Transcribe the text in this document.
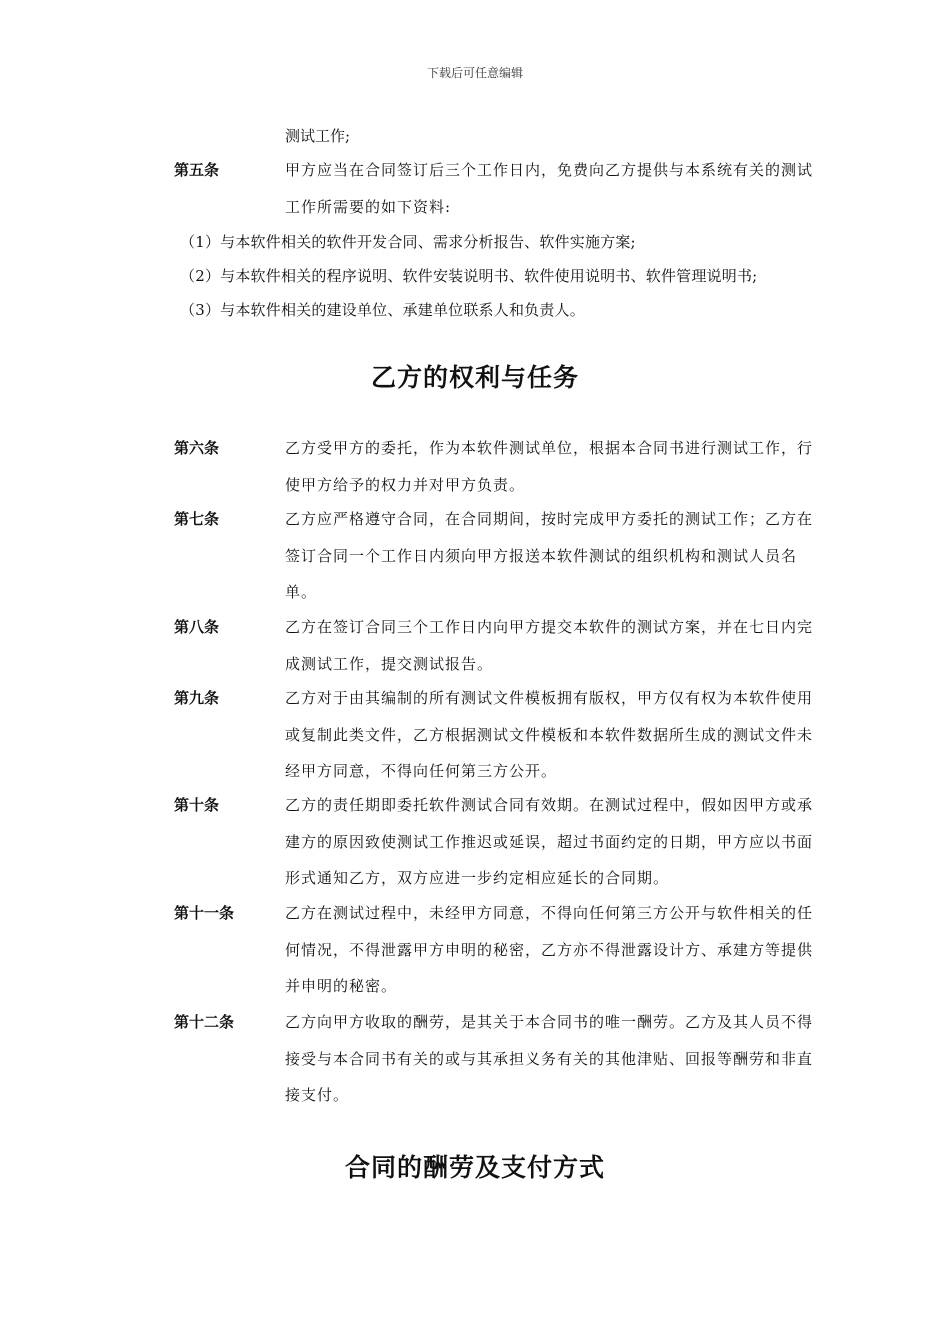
下载后可任意编辑
测试工作;
第五条	甲方应当在合同签订后三个工作日内，免费向乙方提供与本系统有关的测试工作所需要的如下资料:
（1）与本软件相关的软件开发合同、需求分析报告、软件实施方案;
（2）与本软件相关的程序说明、软件安装说明书、软件使用说明书、软件管理说明书;
（3）与本软件相关的建设单位、承建单位联系人和负责人。
乙方的权利与任务
第六条	乙方受甲方的委托，作为本软件测试单位，根据本合同书进行测试工作，行使甲方给予的权力并对甲方负责。
第七条	乙方应严格遵守合同，在合同期间，按时完成甲方委托的测试工作；乙方在签订合同一个工作日内须向甲方报送本软件测试的组织机构和测试人员名单。
第八条	乙方在签订合同三个工作日内向甲方提交本软件的测试方案，并在七日内完成测试工作，提交测试报告。
第九条	乙方对于由其编制的所有测试文件模板拥有版权，甲方仅有权为本软件使用或复制此类文件，乙方根据测试文件模板和本软件数据所生成的测试文件未经甲方同意，不得向任何第三方公开。
第十条	乙方的责任期即委托软件测试合同有效期。在测试过程中，假如因甲方或承建方的原因致使测试工作推迟或延误，超过书面约定的日期，甲方应以书面形式通知乙方，双方应进一步约定相应延长的合同期。
第十一条	乙方在测试过程中，未经甲方同意，不得向任何第三方公开与软件相关的任何情况，不得泄露甲方申明的秘密，乙方亦不得泄露设计方、承建方等提供并申明的秘密。
第十二条	乙方向甲方收取的酬劳，是其关于本合同书的唯一酬劳。乙方及其人员不得接受与本合同书有关的或与其承担义务有关的其他津贴、回报等酬劳和非直接支付。
合同的酬劳及支付方式
